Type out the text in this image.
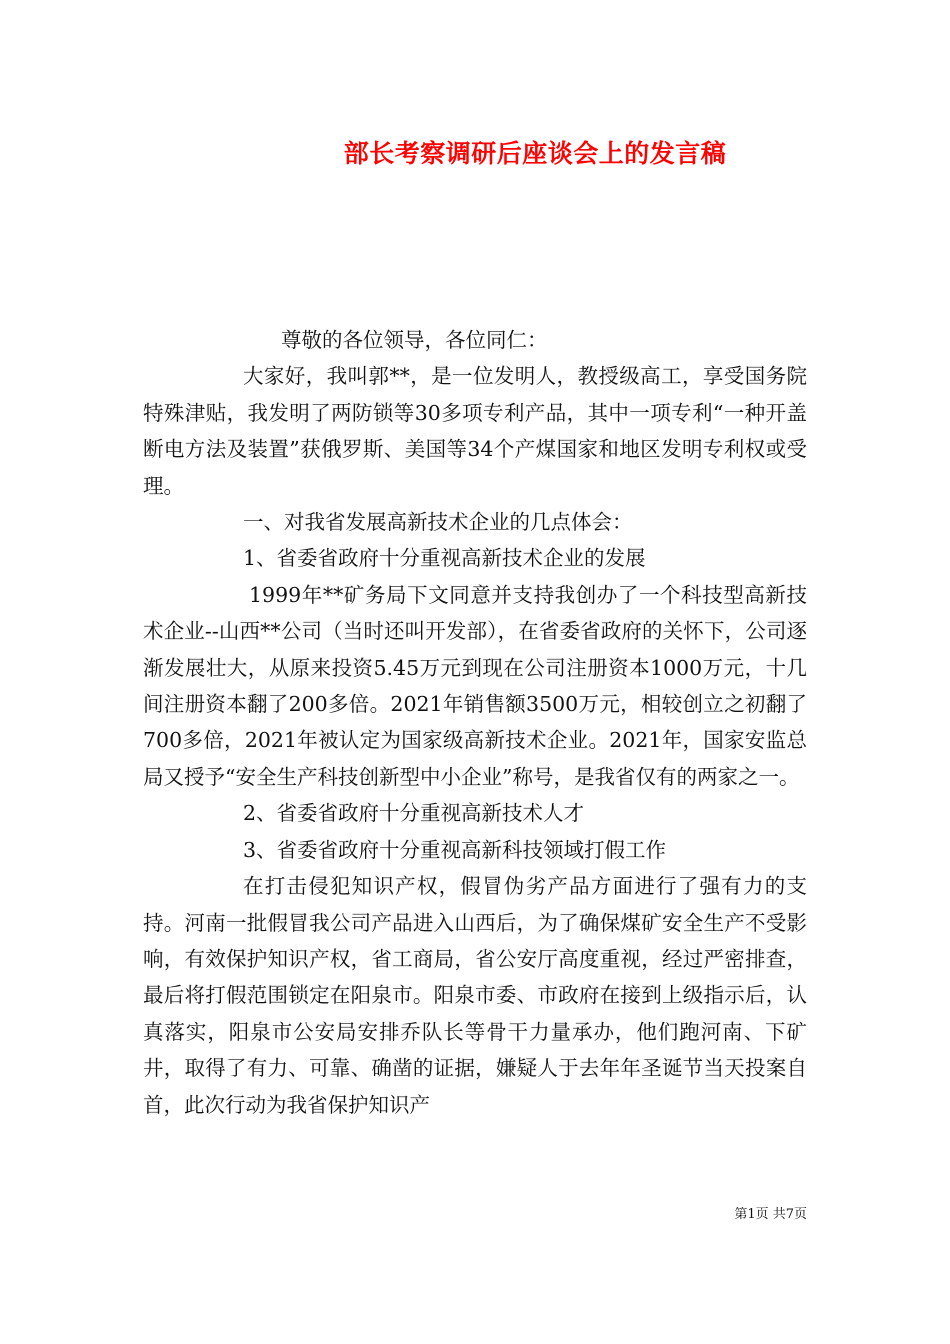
部长考察调研后座谈会上的发言稿

尊敬的各位领导，各位同仁：

大家好，我叫郭**，是一位发明人，教授级高工，享受国务院特殊津贴，我发明了两防锁等30多项专利产品，其中一项专利“一种开盖断电方法及装置”获俄罗斯、美国等34个产煤国家和地区发明专利权或受理。

一、对我省发展高新技术企业的几点体会：

1、省委省政府十分重视高新技术企业的发展

1999年**矿务局下文同意并支持我创办了一个科技型高新技术企业--山西**公司（当时还叫开发部），在省委省政府的关怀下，公司逐渐发展壮大，从原来投资5.45万元到现在公司注册资本1000万元，十几间注册资本翻了200多倍。2021年销售额3500万元，相较创立之初翻了700多倍，2021年被认定为国家级高新技术企业。2021年，国家安监总局又授予“安全生产科技创新型中小企业”称号，是我省仅有的两家之一。

2、省委省政府十分重视高新技术人才

3、省委省政府十分重视高新科技领域打假工作

在打击侵犯知识产权，假冒伪劣产品方面进行了强有力的支持。河南一批假冒我公司产品进入山西后，为了确保煤矿安全生产不受影响，有效保护知识产权，省工商局，省公安厅高度重视，经过严密排查，最后将打假范围锁定在阳泉市。阳泉市委、市政府在接到上级指示后，认真落实，阳泉市公安局安排乔队长等骨干力量承办，他们跑河南、下矿井，取得了有力、可靠、确凿的证据，嫌疑人于去年年圣诞节当天投案自首，此次行动为我省保护知识产

第1页 共7页
